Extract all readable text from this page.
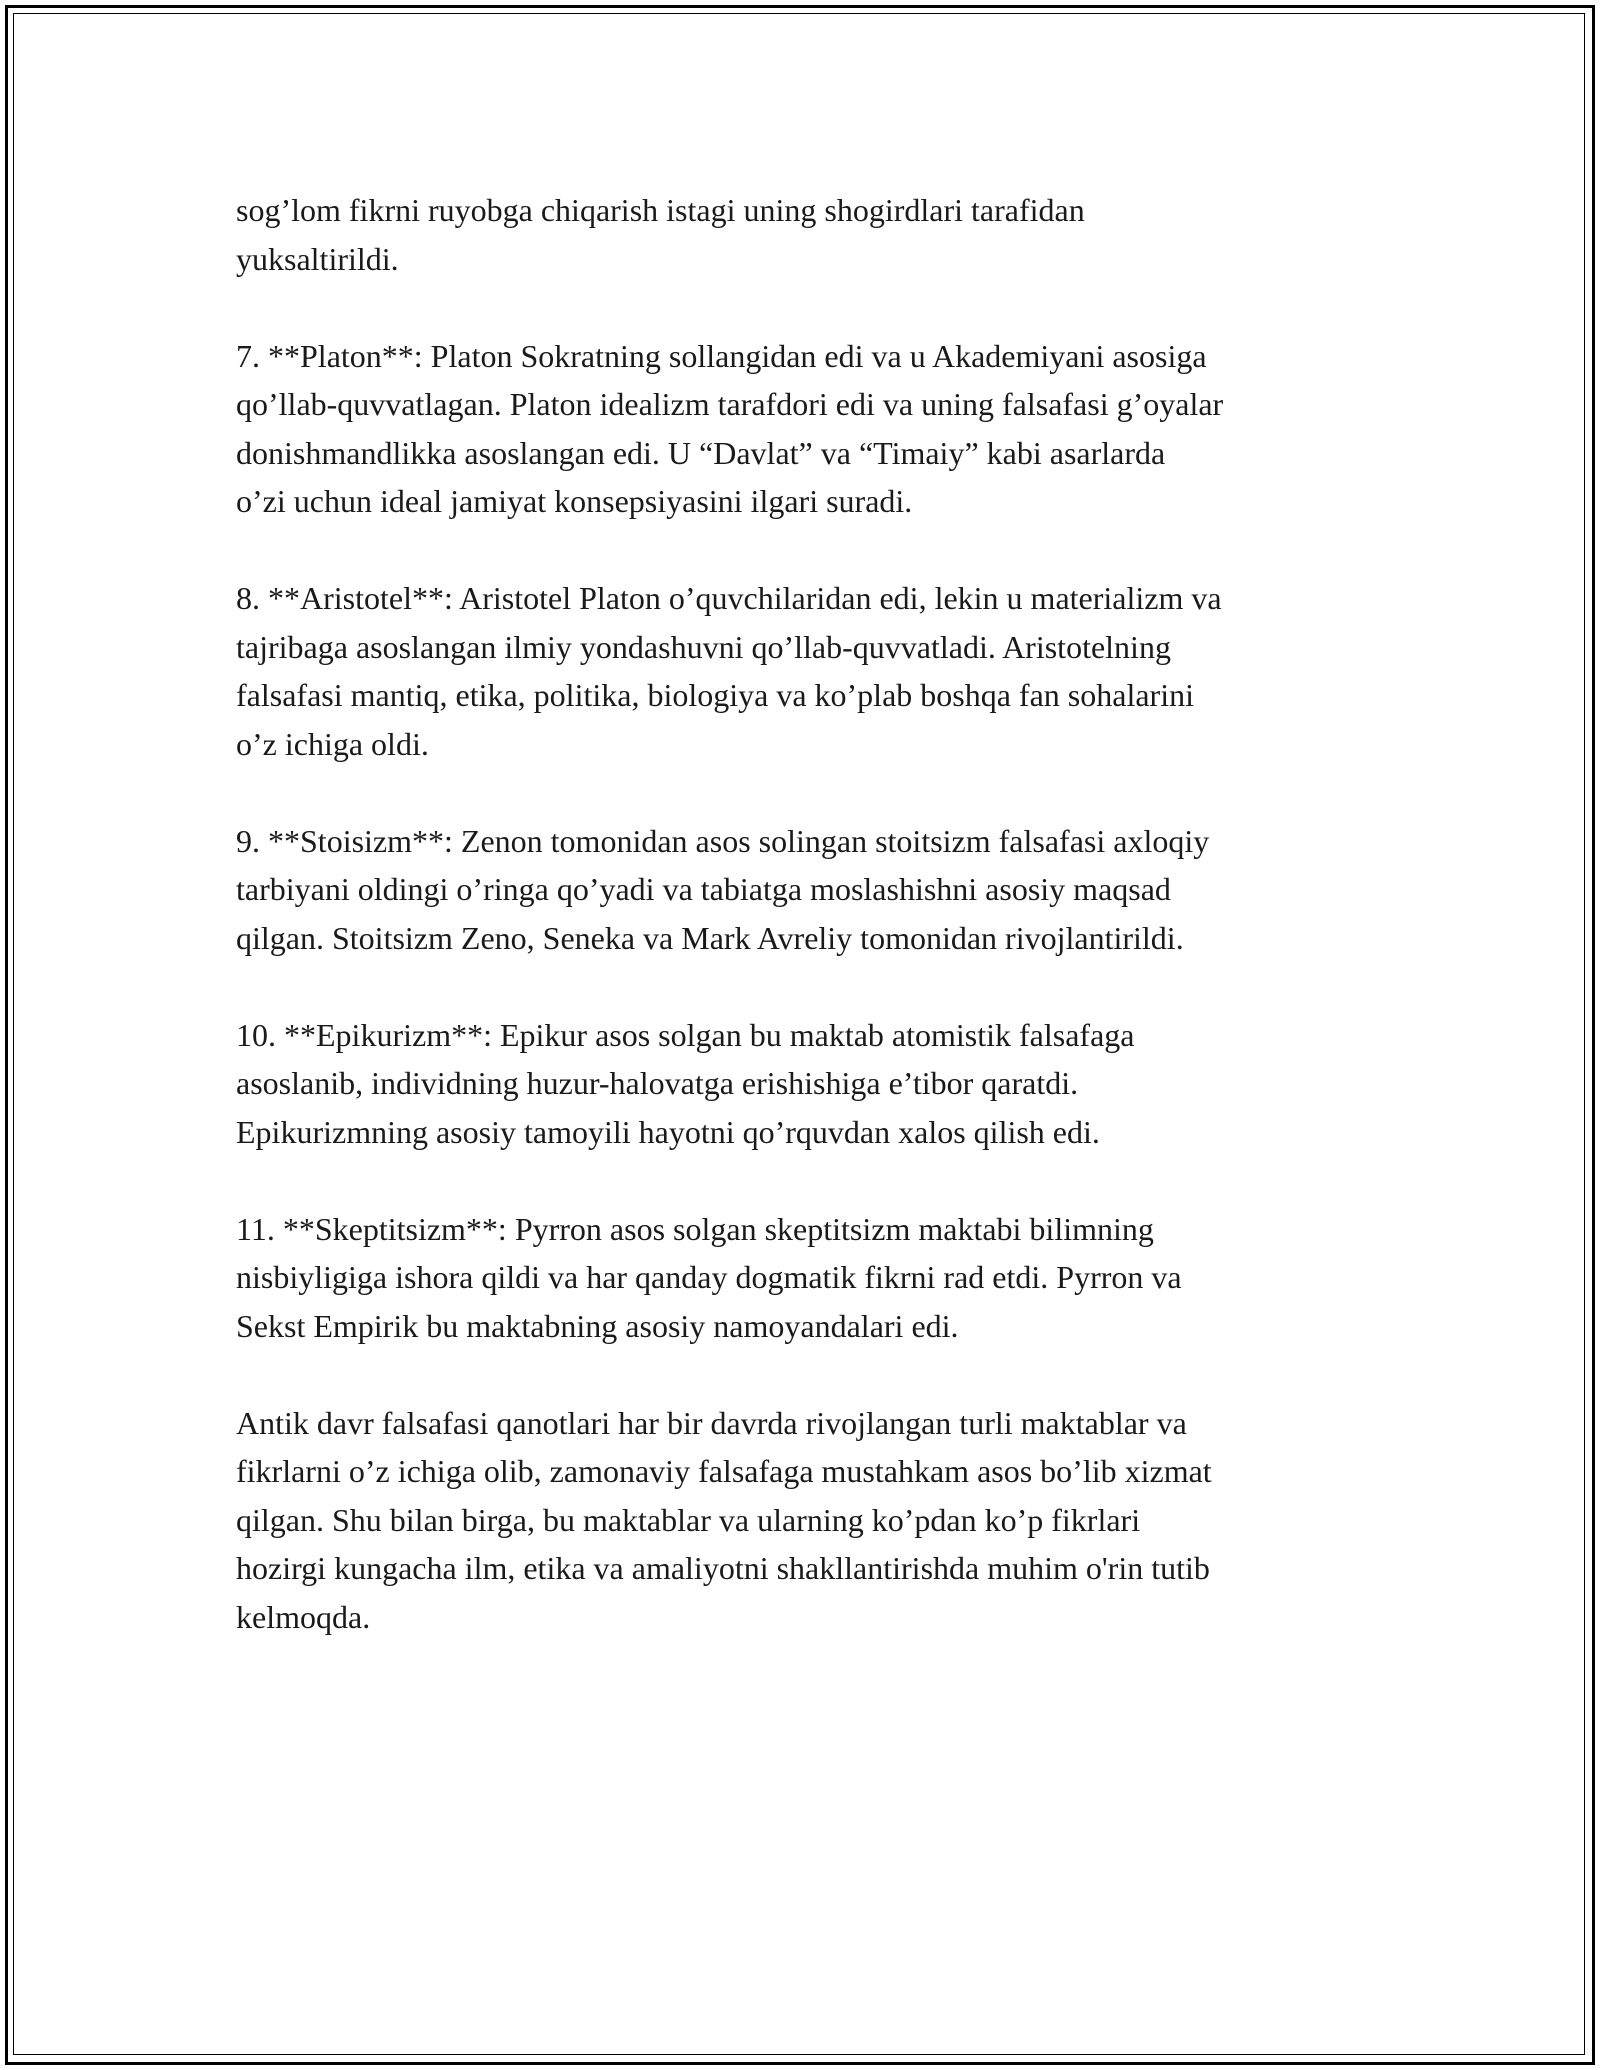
sog’lom fikrni ruyobga chiqarish istagi uning shogirdlari tarafidan
yuksaltirildi.

7. **Platon**: Platon Sokratning sollangidan edi va u Akademiyani asosiga
qo’llab-quvvatlagan. Platon idealizm tarafdori edi va uning falsafasi g’oyalar
donishmandlikka asoslangan edi. U “Davlat” va “Timaiy” kabi asarlarda
o’zi uchun ideal jamiyat konsepsiyasini ilgari suradi.

8. **Aristotel**: Aristotel Platon o’quvchilaridan edi, lekin u materializm va
tajribaga asoslangan ilmiy yondashuvni qo’llab-quvvatladi. Aristotelning
falsafasi mantiq, etika, politika, biologiya va ko’plab boshqa fan sohalarini
o’z ichiga oldi.

9. **Stoisizm**: Zenon tomonidan asos solingan stoitsizm falsafasi axloqiy
tarbiyani oldingi o’ringa qo’yadi va tabiatga moslashishni asosiy maqsad
qilgan. Stoitsizm Zeno, Seneka va Mark Avreliy tomonidan rivojlantirildi.

10. **Epikurizm**: Epikur asos solgan bu maktab atomistik falsafaga
asoslanib, individning huzur-halovatga erishishiga e’tibor qaratdi.
Epikurizmning asosiy tamoyili hayotni qo’rquvdan xalos qilish edi.

11. **Skeptitsizm**: Pyrron asos solgan skeptitsizm maktabi bilimning
nisbiyligiga ishora qildi va har qanday dogmatik fikrni rad etdi. Pyrron va
Sekst Empirik bu maktabning asosiy namoyandalari edi.

Antik davr falsafasi qanotlari har bir davrda rivojlangan turli maktablar va
fikrlarni o’z ichiga olib, zamonaviy falsafaga mustahkam asos bo’lib xizmat
qilgan. Shu bilan birga, bu maktablar va ularning ko’pdan ko’p fikrlari
hozirgi kungacha ilm, etika va amaliyotni shakllantirishda muhim o'rin tutib
kelmoqda.
